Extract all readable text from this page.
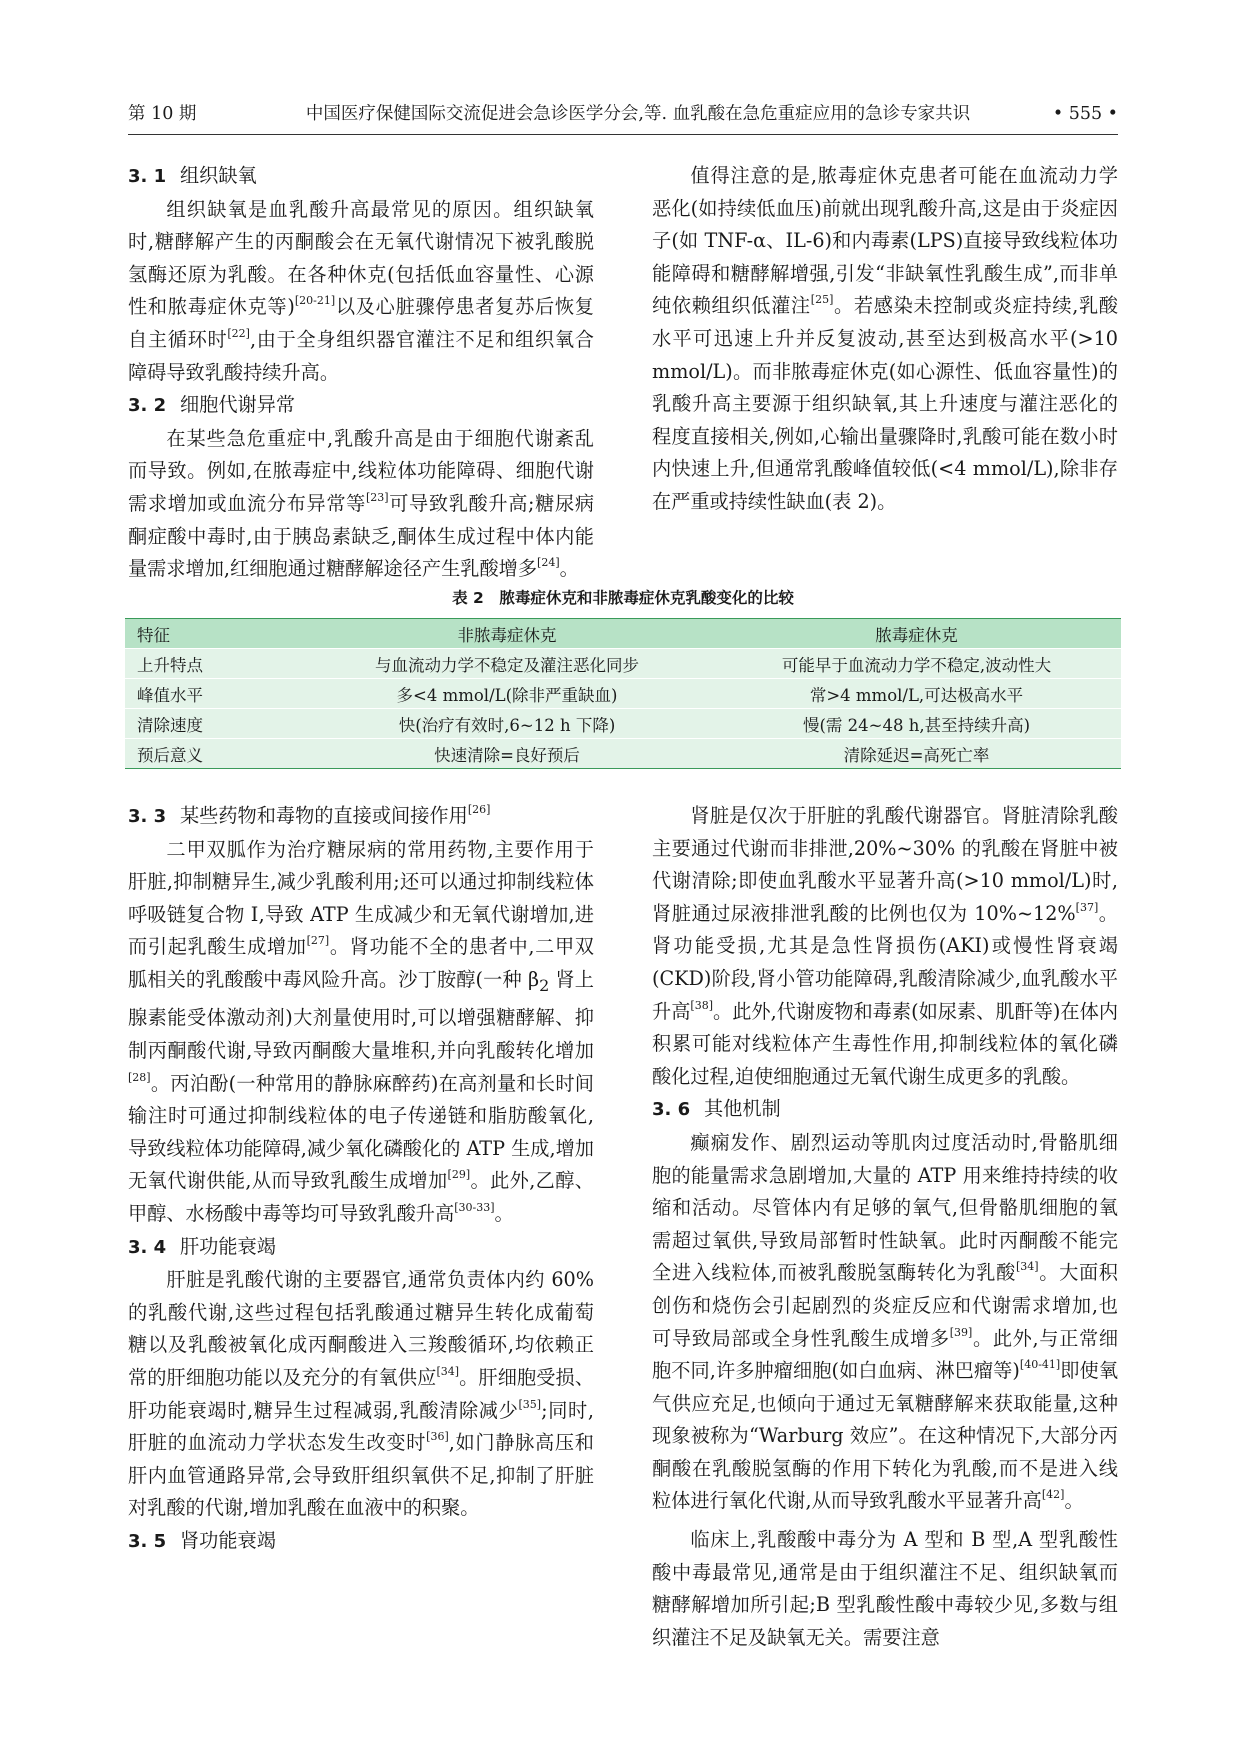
第 10 期	中国医疗保健国际交流促进会急诊医学分会,等. 血乳酸在急危重症应用的急诊专家共识	• 555 •
3. 1 组织缺氧

组织缺氧是血乳酸升高最常见的原因。组织缺氧时,糖酵解产生的丙酮酸会在无氧代谢情况下被乳酸脱氢酶还原为乳酸。在各种休克(包括低血容量性、心源性和脓毒症休克等)[20-21]以及心脏骤停患者复苏后恢复自主循环时[22],由于全身组织器官灌注不足和组织氧合障碍导致乳酸持续升高。

3. 2 细胞代谢异常

在某些急危重症中,乳酸升高是由于细胞代谢紊乱而导致。例如,在脓毒症中,线粒体功能障碍、细胞代谢需求增加或血流分布异常等[23]可导致乳酸升高;糖尿病酮症酸中毒时,由于胰岛素缺乏,酮体生成过程中体内能量需求增加,红细胞通过糖酵解途径产生乳酸增多[24]。

值得注意的是,脓毒症休克患者可能在血流动力学恶化(如持续低血压)前就出现乳酸升高,这是由于炎症因子(如 TNF-α、IL-6)和内毒素(LPS)直接导致线粒体功能障碍和糖酵解增强,引发“非缺氧性乳酸生成”,而非单纯依赖组织低灌注[25]。若感染未控制或炎症持续,乳酸水平可迅速上升并反复波动,甚至达到极高水平(>10 mmol/L)。而非脓毒症休克(如心源性、低血容量性)的乳酸升高主要源于组织缺氧,其上升速度与灌注恶化的程度直接相关,例如,心输出量骤降时,乳酸可能在数小时内快速上升,但通常乳酸峰值较低(<4 mmol/L),除非存在严重或持续性缺血(表 2)。

表 2　脓毒症休克和非脓毒症休克乳酸变化的比较
特征	非脓毒症休克	脓毒症休克
上升特点	与血流动力学不稳定及灌注恶化同步	可能早于血流动力学不稳定,波动性大
峰值水平	多<4 mmol/L(除非严重缺血)	常>4 mmol/L,可达极高水平
清除速度	快(治疗有效时,6~12 h 下降)	慢(需 24~48 h,甚至持续升高)
预后意义	快速清除=良好预后	清除延迟=高死亡率
3. 3 某些药物和毒物的直接或间接作用[26]

二甲双胍作为治疗糖尿病的常用药物,主要作用于肝脏,抑制糖异生,减少乳酸利用;还可以通过抑制线粒体呼吸链复合物 Ⅰ,导致 ATP 生成减少和无氧代谢增加,进而引起乳酸生成增加[27]。肾功能不全的患者中,二甲双胍相关的乳酸酸中毒风险升高。沙丁胺醇(一种 $\beta_2$ 肾上腺素能受体激动剂)大剂量使用时,可以增强糖酵解、抑制丙酮酸代谢,导致丙酮酸大量堆积,并向乳酸转化增加[28]。丙泊酚(一种常用的静脉麻醉药)在高剂量和长时间输注时可通过抑制线粒体的电子传递链和脂肪酸氧化,导致线粒体功能障碍,减少氧化磷酸化的 ATP 生成,增加无氧代谢供能,从而导致乳酸生成增加[29]。此外,乙醇、甲醇、水杨酸中毒等均可导致乳酸升高[30-33]。

3. 4 肝功能衰竭

肝脏是乳酸代谢的主要器官,通常负责体内约 60% 的乳酸代谢,这些过程包括乳酸通过糖异生转化成葡萄糖以及乳酸被氧化成丙酮酸进入三羧酸循环,均依赖正常的肝细胞功能以及充分的有氧供应[34]。肝细胞受损、肝功能衰竭时,糖异生过程减弱,乳酸清除减少[35];同时,肝脏的血流动力学状态发生改变时[36],如门静脉高压和肝内血管通路异常,会导致肝组织氧供不足,抑制了肝脏对乳酸的代谢,增加乳酸在血液中的积聚。

3. 5 肾功能衰竭

肾脏是仅次于肝脏的乳酸代谢器官。肾脏清除乳酸主要通过代谢而非排泄,20%~30% 的乳酸在肾脏中被代谢清除;即使血乳酸水平显著升高(>10 mmol/L)时,肾脏通过尿液排泄乳酸的比例也仅为 10%~12%[37]。肾功能受损,尤其是急性肾损伤(AKI)或慢性肾衰竭(CKD)阶段,肾小管功能障碍,乳酸清除减少,血乳酸水平升高[38]。此外,代谢废物和毒素(如尿素、肌酐等)在体内积累可能对线粒体产生毒性作用,抑制线粒体的氧化磷酸化过程,迫使细胞通过无氧代谢生成更多的乳酸。

3. 6 其他机制

癫痫发作、剧烈运动等肌肉过度活动时,骨骼肌细胞的能量需求急剧增加,大量的 ATP 用来维持持续的收缩和活动。尽管体内有足够的氧气,但骨骼肌细胞的氧需超过氧供,导致局部暂时性缺氧。此时丙酮酸不能完全进入线粒体,而被乳酸脱氢酶转化为乳酸[34]。大面积创伤和烧伤会引起剧烈的炎症反应和代谢需求增加,也可导致局部或全身性乳酸生成增多[39]。此外,与正常细胞不同,许多肿瘤细胞(如白血病、淋巴瘤等)[40-41]即使氧气供应充足,也倾向于通过无氧糖酵解来获取能量,这种现象被称为“Warburg 效应”。在这种情况下,大部分丙酮酸在乳酸脱氢酶的作用下转化为乳酸,而不是进入线粒体进行氧化代谢,从而导致乳酸水平显著升高[42]。

临床上,乳酸酸中毒分为 A 型和 B 型,A 型乳酸性酸中毒最常见,通常是由于组织灌注不足、组织缺氧而糖酵解增加所引起;B 型乳酸性酸中毒较少见,多数与组织灌注不足及缺氧无关。需要注意
